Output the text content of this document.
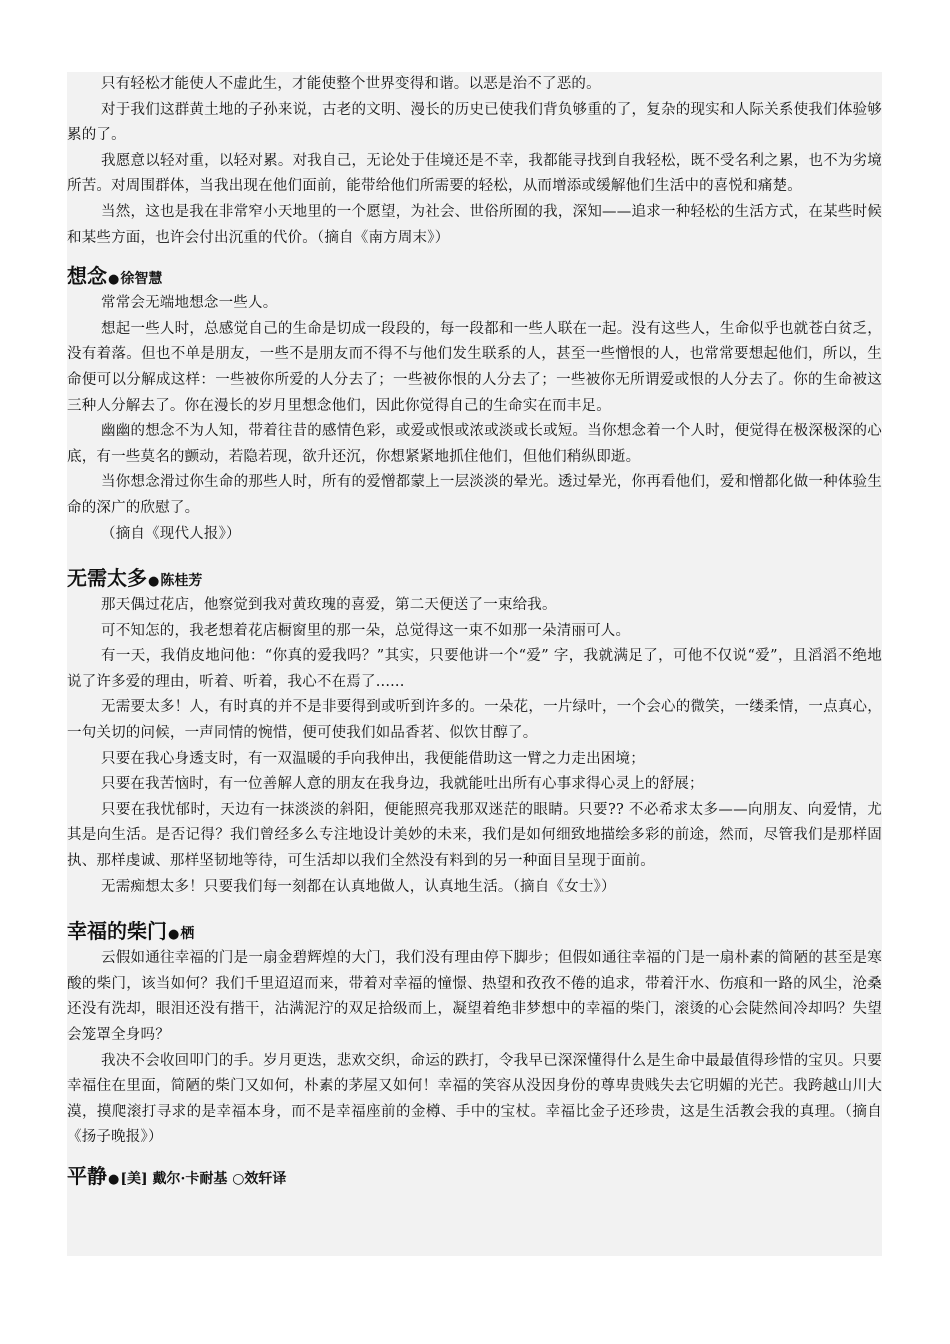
只有轻松才能使人不虚此生，才能使整个世界变得和谐。以恶是治不了恶的。

对于我们这群黄土地的子孙来说，古老的文明、漫长的历史已使我们背负够重的了，复杂的现实和人际关系使我们体验够累的了。

我愿意以轻对重，以轻对累。对我自己，无论处于佳境还是不幸，我都能寻找到自我轻松，既不受名利之累，也不为劣境所苦。对周围群体，当我出现在他们面前，能带给他们所需要的轻松，从而增添或缓解他们生活中的喜悦和痛楚。

当然，这也是我在非常窄小天地里的一个愿望，为社会、世俗所囿的我，深知——追求一种轻松的生活方式，在某些时候和某些方面，也许会付出沉重的代价。（摘自《南方周末》）

想念●徐智慧

常常会无端地想念一些人。

想起一些人时，总感觉自己的生命是切成一段段的，每一段都和一些人联在一起。没有这些人，生命似乎也就苍白贫乏，没有着落。但也不单是朋友，一些不是朋友而不得不与他们发生联系的人，甚至一些憎恨的人，也常常要想起他们，所以，生命便可以分解成这样：一些被你所爱的人分去了；一些被你恨的人分去了；一些被你无所谓爱或恨的人分去了。你的生命被这三种人分解去了。你在漫长的岁月里想念他们，因此你觉得自己的生命实在而丰足。

幽幽的想念不为人知，带着往昔的感情色彩，或爱或恨或浓或淡或长或短。当你想念着一个人时，便觉得在极深极深的心底，有一些莫名的颤动，若隐若现，欲升还沉，你想紧紧地抓住他们，但他们稍纵即逝。

当你想念滑过你生命的那些人时，所有的爱憎都蒙上一层淡淡的晕光。透过晕光，你再看他们，爱和憎都化做一种体验生命的深广的欣慰了。

（摘自《现代人报》）

无需太多●陈桂芳

那天偶过花店，他察觉到我对黄玫瑰的喜爱，第二天便送了一束给我。

可不知怎的，我老想着花店橱窗里的那一朵，总觉得这一束不如那一朵清丽可人。

有一天，我俏皮地问他：“你真的爱我吗？”其实，只要他讲一个“爱” 字，我就满足了，可他不仅说“爱”，且滔滔不绝地说了许多爱的理由，听着、听着，我心不在焉了......

无需要太多！人，有时真的并不是非要得到或听到许多的。一朵花，一片绿叶，一个会心的微笑，一缕柔情，一点真心，一句关切的问候，一声同情的惋惜，便可使我们如品香茗、似饮甘醇了。

只要在我心身透支时，有一双温暖的手向我伸出，我便能借助这一臂之力走出困境；

只要在我苦恼时，有一位善解人意的朋友在我身边，我就能吐出所有心事求得心灵上的舒展；

只要在我忧郁时，天边有一抹淡淡的斜阳，便能照亮我那双迷茫的眼睛。只要?? 不必希求太多——向朋友、向爱情，尤其是向生活。是否记得？我们曾经多么专注地设计美妙的未来，我们是如何细致地描绘多彩的前途，然而，尽管我们是那样固执、那样虔诚、那样坚韧地等待，可生活却以我们全然没有料到的另一种面目呈现于面前。

无需痴想太多！只要我们每一刻都在认真地做人，认真地生活。（摘自《女士》）

幸福的柴门●栖

云假如通往幸福的门是一扇金碧辉煌的大门，我们没有理由停下脚步；但假如通往幸福的门是一扇朴素的简陋的甚至是寒酸的柴门，该当如何？我们千里迢迢而来，带着对幸福的憧憬、热望和孜孜不倦的追求，带着汗水、伤痕和一路的风尘，沧桑还没有洗却，眼泪还没有揩干，沾满泥泞的双足拾级而上，凝望着绝非梦想中的幸福的柴门，滚烫的心会陡然间冷却吗？失望会笼罩全身吗？

我决不会收回叩门的手。岁月更迭，悲欢交织，命运的跌打，令我早已深深懂得什么是生命中最最值得珍惜的宝贝。只要幸福住在里面，简陋的柴门又如何，朴素的茅屋又如何！幸福的笑容从没因身份的尊卑贵贱失去它明媚的光芒。我跨越山川大漠，摸爬滚打寻求的是幸福本身，而不是幸福座前的金樽、手中的宝杖。幸福比金子还珍贵，这是生活教会我的真理。（摘自《扬子晚报》）

平静●[美] 戴尔·卡耐基 ○效轩译
